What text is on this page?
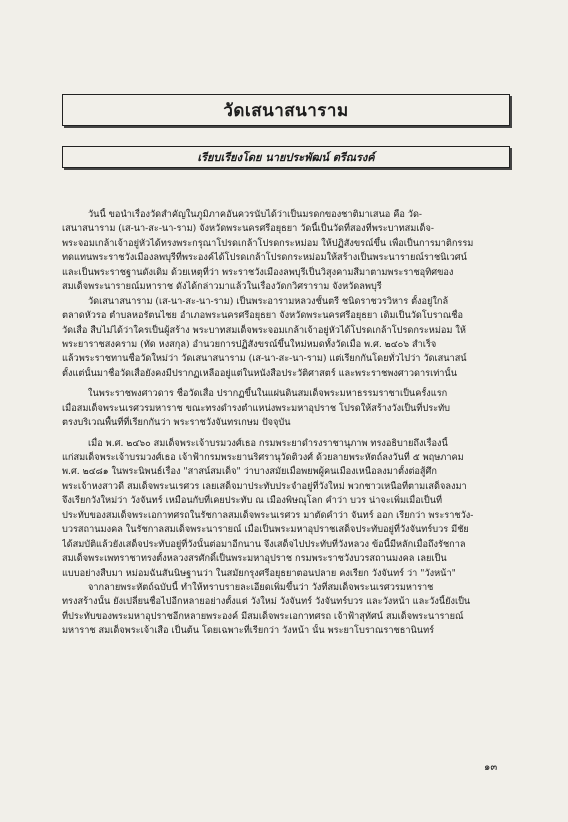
วัดเสนาสนาราม
เรียบเรียงโดย นายประพัฒน์ ตรีณรงค์
วันนี้ ขอนำเรื่องวัดสำคัญในภูมิภาคอันควรนับได้ว่าเป็นมรดกของชาติมาเสนอ คือ วัด-
เสนาสนาราม (เส-นา-สะ-นา-ราม) จังหวัดพระนครศรีอยุธยา วัดนี้เป็นวัดที่สองที่พระบาทสมเด็จ-
พระจอมเกล้าเจ้าอยู่หัวได้ทรงพระกรุณาโปรดเกล้าโปรดกระหม่อม ให้ปฏิสังขรณ์ขึ้น เพื่อเป็นการมาติกรรม
ทดแทนพระราชวังเมืองลพบุรีที่พระองค์ได้โปรดเกล้าโปรดกระหม่อมให้สร้างเป็นพระนารายณ์ราชนิเวศน์
และเป็นพระราชฐานดังเดิม ด้วยเหตุที่ว่า พระราชวังเมืองลพบุรีเป็นวิสุงคามสีมาตามพระราชอุทิศของ
สมเด็จพระนารายณ์มหาราช ดังได้กล่าวมาแล้วในเรื่องวัดกวิศราราม จังหวัดลพบุรี
วัดเสนาสนาราม (เส-นา-สะ-นา-ราม) เป็นพระอารามหลวงชั้นตรี ชนิดราชวรวิหาร ตั้งอยู่ใกล้
ตลาดหัวรอ ตำบลหอรัตนไชย อำเภอพระนครศรีอยุธยา จังหวัดพระนครศรีอยุธยา เดิมเป็นวัดโบราณชื่อ
วัดเสื่อ สืบไม่ได้ว่าใครเป็นผู้สร้าง พระบาทสมเด็จพระจอมเกล้าเจ้าอยู่หัวได้โปรดเกล้าโปรดกระหม่อม ให้
พระยาราชสงคราม (ทัด หงสกุล) อำนวยการปฏิสังขรณ์ขึ้นใหม่หมดทั้งวัดเมื่อ พ.ศ. ๒๔๐๖ สำเร็จ
แล้วพระราชทานชื่อวัดใหม่ว่า วัดเสนาสนาราม (เส-นา-สะ-นา-ราม) แต่เรียกกันโดยทั่วไปว่า วัดเสนาสน์
ตั้งแต่นั้นมาชื่อวัดเสื่อยังคงมีปรากฏเหลืออยู่แต่ในหนังสือประวัติศาสตร์ และพระราชพงศาวดารเท่านั้น
ในพระราชพงศาวดาร ชื่อวัดเสื่อ ปรากฏขึ้นในแผ่นดินสมเด็จพระมหาธรรมราชาเป็นครั้งแรก
เมื่อสมเด็จพระนเรศวรมหาราช ขณะทรงดำรงตำแหน่งพระมหาอุปราช โปรดให้สร้างวังเป็นที่ประทับ
ตรงบริเวณพื้นที่ที่เรียกกันว่า พระราชวังจันทรเกษม ปัจจุบัน
เมื่อ พ.ศ. ๒๔๖๐ สมเด็จพระเจ้าบรมวงศ์เธอ กรมพระยาดำรงราชานุภาพ ทรงอธิบายถึงเรื่องนี้
แก่สมเด็จพระเจ้าบรมวงศ์เธอ เจ้าฟ้ากรมพระยานริศรานุวัดติวงศ์ ด้วยลายพระหัตถ์ลงวันที่ ๕ พฤษภาคม
พ.ศ. ๒๔๘๑ ในพระนิพนธ์เรื่อง "สาสน์สมเด็จ" ว่าบางสมัยเมื่อพยพผู้คนเมืองเหนือลงมาตั้งต่อสู้ศึก
พระเจ้าหงสาวดี สมเด็จพระนเรศวร เลยเสด็จมาประทับประจำอยู่ที่วังใหม่ พวกชาวเหนือที่ตามเสด็จลงมา
จึงเรียกวังใหม่ว่า วังจันทร์ เหมือนกับที่เคยประทับ ณ เมืองพิษณุโลก คำว่า บวร น่าจะเพิ่มเมื่อเป็นที่
ประทับของสมเด็จพระเอกาทศรถในรัชกาลสมเด็จพระนเรศวร มาตัดคำว่า จันทร์ ออก เรียกว่า พระราชวัง-
บวรสถานมงคล ในรัชกาลสมเด็จพระนารายณ์ เมื่อเป็นพระมหาอุปราชเสด็จประทับอยู่ที่วังจันทร์บวร มีชัย
ได้สมบัติแล้วยังเสด็จประทับอยู่ที่วังนั้นต่อมาอีกนาน จึงเสด็จไปประทับที่วังหลวง ข้อนี้มีหลักเมื่อถึงรัชกาล
สมเด็จพระเพทราชาทรงตั้งหลวงสรศักดิ์เป็นพระมหาอุปราช กรมพระราชวังบวรสถานมงคล เลยเป็น
แบบอย่างสืบมา หม่อมฉันสันนิษฐานว่า ในสมัยกรุงศรีอยุธยาตอนปลาย คงเรียก วังจันทร์ ว่า "วังหน้า"
จากลายพระหัตถ์ฉบับนี้ ทำให้ทราบรายละเอียดเพิ่มขึ้นว่า วังที่สมเด็จพระนเรศวรมหาราช
ทรงสร้างนั้น ยังเปลี่ยนชื่อไปอีกหลายอย่างตั้งแต่ วังใหม่ วังจันทร์ วังจันทร์บวร และวังหน้า และวังนี้ยังเป็น
ที่ประทับของพระมหาอุปราชอีกหลายพระองค์ มีสมเด็จพระเอกาทศรถ เจ้าฟ้าสุทัศน์ สมเด็จพระนารายณ์
มหาราช สมเด็จพระเจ้าเสือ เป็นต้น โดยเฉพาะที่เรียกว่า วังหน้า นั้น พระยาโบราณราชธานินทร์
๑๓
